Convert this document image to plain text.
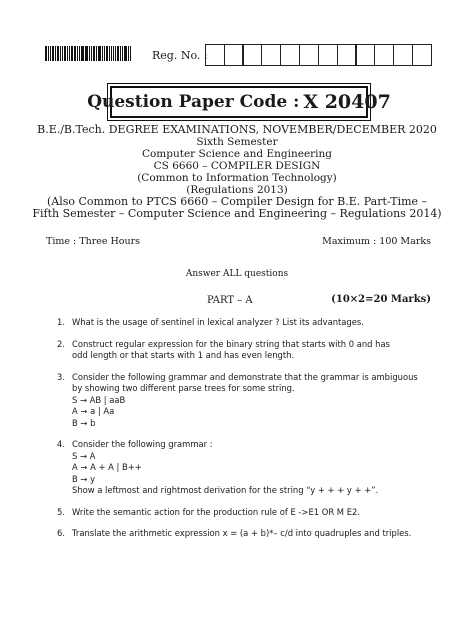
Reg. No. :
Question Paper Code : X 20407
B.E./B.Tech. DEGREE EXAMINATIONS, NOVEMBER/DECEMBER 2020
Sixth Semester
Computer Science and Engineering
CS 6660 – COMPILER DESIGN
(Common to Information Technology)
(Regulations 2013)
(Also Common to PTCS 6660 – Compiler Design for B.E. Part-Time –
Fifth Semester – Computer Science and Engineering – Regulations 2014)
Time : Three Hours	Maximum : 100 Marks
Answer ALL questions
PART – A	(10×2=20 Marks)
1. What is the usage of sentinel in lexical analyzer ? List its advantages.
2. Construct regular expression for the binary string that starts with 0 and has
odd length or that starts with 1 and has even length.
3. Consider the following grammar and demonstrate that the grammar is ambiguous
by showing two different parse trees for some string.
S → AB | aaB
A → a | Aa
B → b
4. Consider the following grammar :
S → A
A → A + A | B++
B → y
Show a leftmost and rightmost derivation for the string “y + + + y + +”.
5. Write the semantic action for the production rule of E ->E1 OR M E2.
6. Translate the arithmetic expression x = (a + b)*– c/d into quadruples and triples.
